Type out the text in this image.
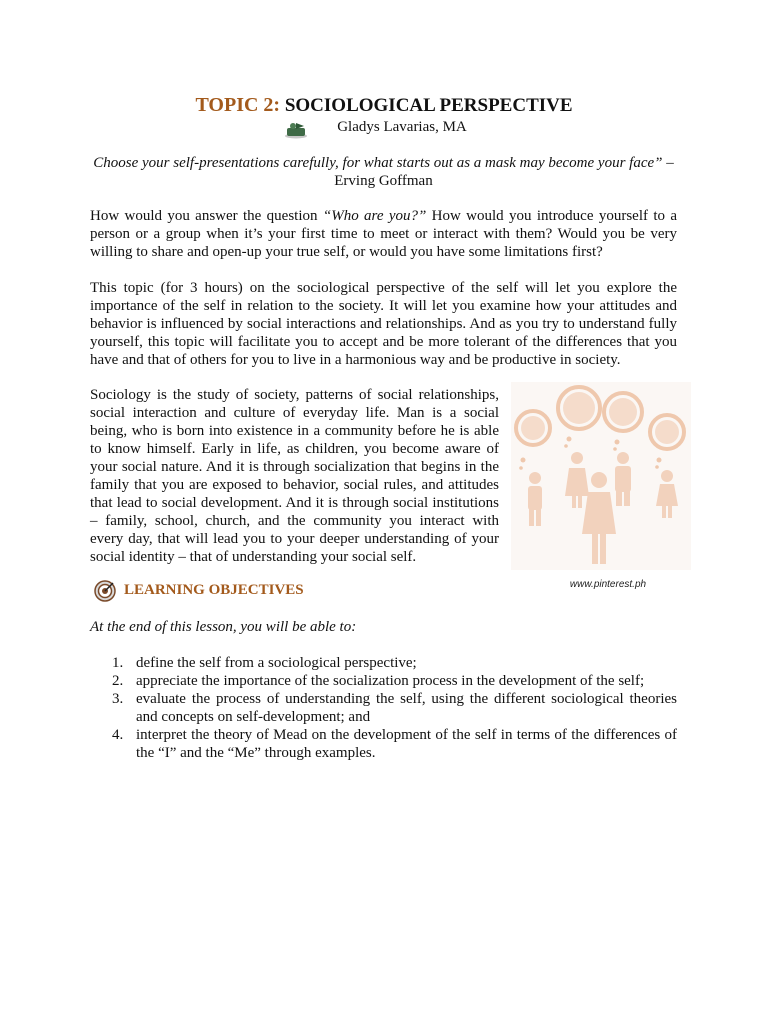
TOPIC 2: SOCIOLOGICAL PERSPECTIVE
Gladys Lavarias, MA
Choose your self-presentations carefully, for what starts out as a mask may become your face” –
Erving Goffman

How would you answer the question “Who are you?” How would you introduce yourself to a person or a group when it’s your first time to meet or interact with them? Would you be very willing to share and open-up your true self, or would you have some limitations first?

This topic (for 3 hours) on the sociological perspective of the self will let you explore the importance of the self in relation to the society. It will let you examine how your attitudes and behavior is influenced by social interactions and relationships. And as you try to understand fully yourself, this topic will facilitate you to accept and be more tolerant of the differences that you have and that of others for you to live in a harmonious way and be productive in society.

Sociology is the study of society, patterns of social relationships, social interaction and culture of everyday life. Man is a social being, who is born into existence in a community before he is able to know himself. Early in life, as children, you become aware of your social nature. And it is through socialization that begins in the family that you are exposed to behavior, social rules, and attitudes that lead to social development. And it is through social institutions – family, school, church, and the community you interact with every day, that will lead you to your deeper understanding of your social identity – that of understanding your social self.

www.pinterest.ph
LEARNING OBJECTIVES
At the end of this lesson, you will be able to:
1. define the self from a sociological perspective;
2. appreciate the importance of the socialization process in the development of the self;
3. evaluate the process of understanding the self, using the different sociological theories and concepts on self-development; and
4. interpret the theory of Mead on the development of the self in terms of the differences of the “I” and the “Me” through examples.
